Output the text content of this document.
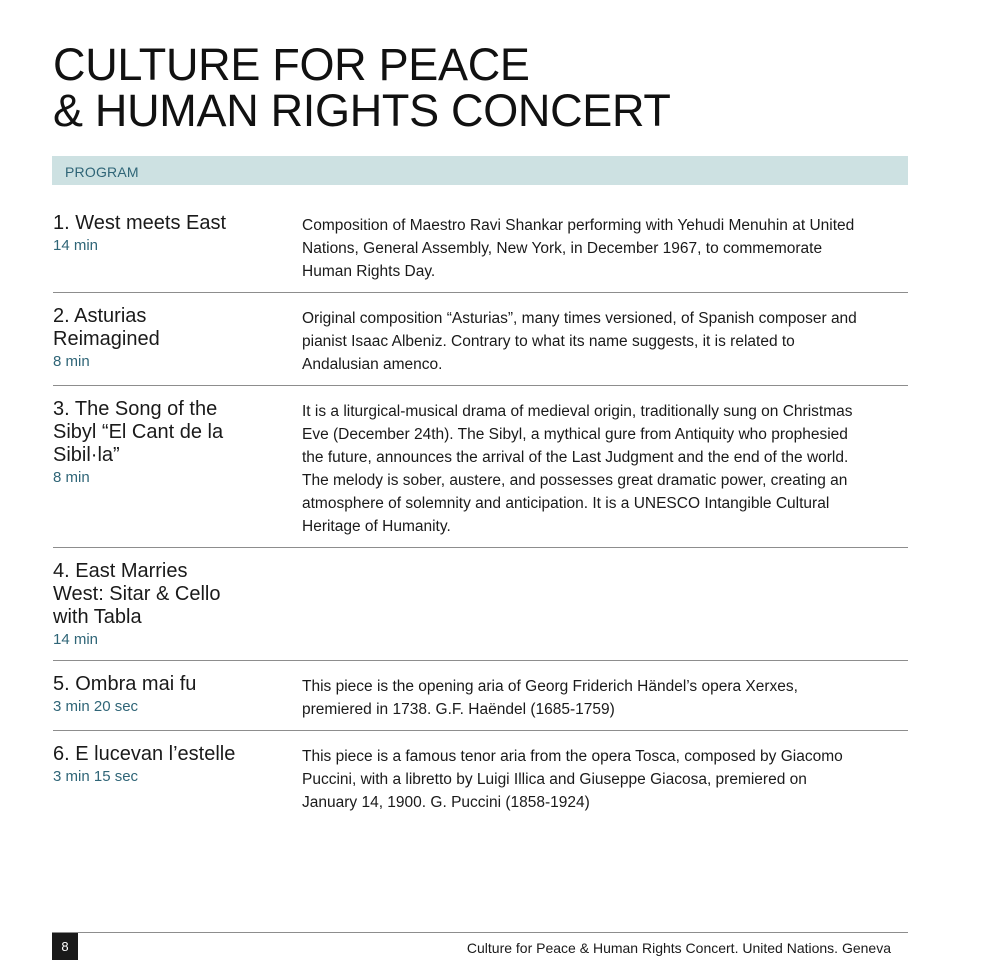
CULTURE FOR PEACE
& HUMAN RIGHTS CONCERT
PROGRAM
1. West meets East
14 min
Composition of Maestro Ravi Shankar performing with Yehudi Menuhin at United Nations, General Assembly, New York, in December 1967, to commemorate Human Rights Day.
2. Asturias Reimagined
8 min
Original composition “Asturias”, many times versioned, of Spanish composer and pianist Isaac Albeniz. Contrary to what its name suggests, it is related to Andalusian amenco.
3. The Song of the Sibyl “El Cant de la Sibil·la”
8 min
It is a liturgical-musical drama of medieval origin, traditionally sung on Christmas Eve (December 24th). The Sibyl, a mythical gure from Antiquity who prophesied the future, announces the arrival of the Last Judgment and the end of the world. The melody is sober, austere, and possesses great dramatic power, creating an atmosphere of solemnity and anticipation. It is a UNESCO Intangible Cultural Heritage of Humanity.
4. East Marries West: Sitar & Cello with Tabla
14 min
5. Ombra mai fu
3 min 20 sec
This piece is the opening aria of Georg Friderich Händel’s opera Xerxes, premiered in 1738. G.F. Haëndel (1685-1759)
6. E lucevan l’estelle
3 min 15 sec
This piece is a famous tenor aria from the opera Tosca, composed by Giacomo Puccini, with a libretto by Luigi Illica and Giuseppe Giacosa, premiered on January 14, 1900. G. Puccini (1858-1924)
8	Culture for Peace & Human Rights Concert. United Nations. Geneva
